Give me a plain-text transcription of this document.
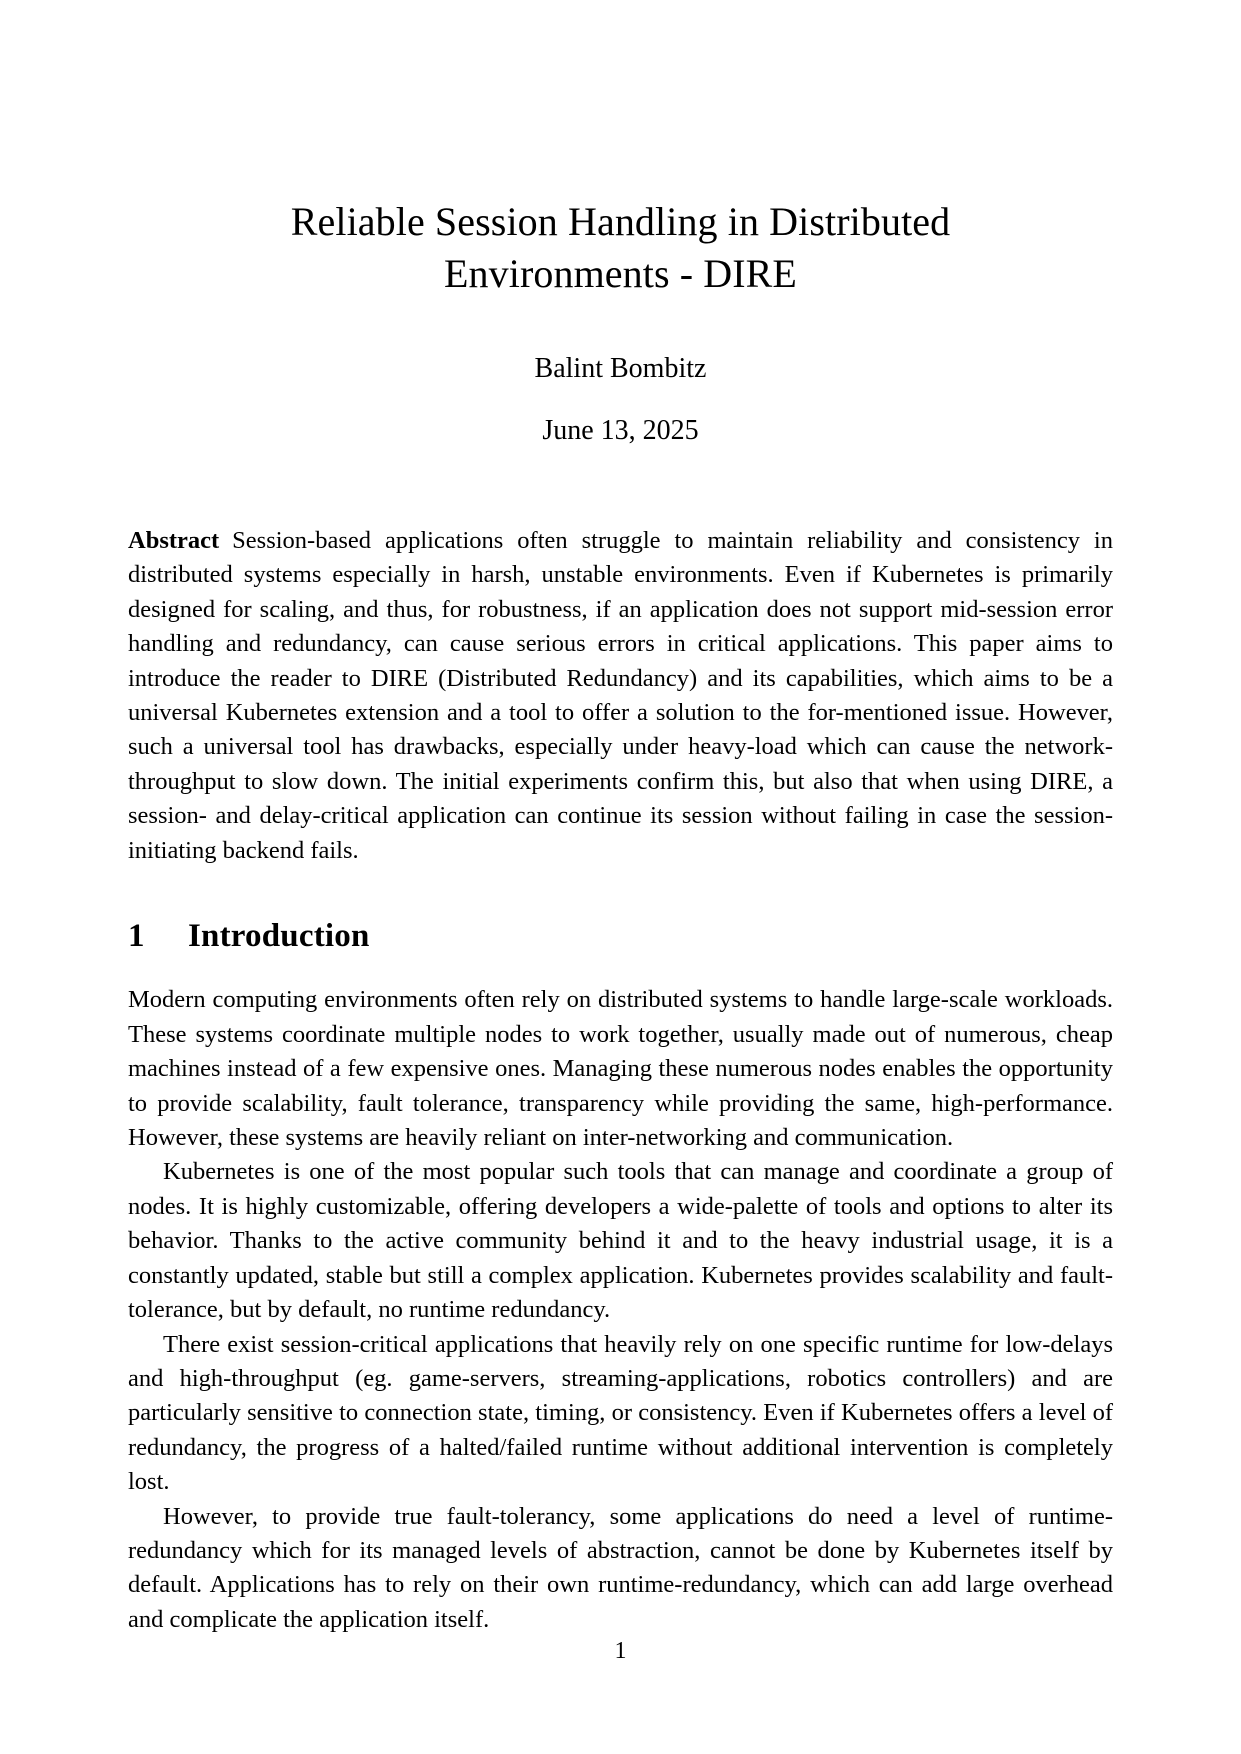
Reliable Session Handling in Distributed Environments - DIRE
Balint Bombitz
June 13, 2025
Abstract Session-based applications often struggle to maintain reliability and consistency in distributed systems especially in harsh, unstable environments. Even if Kubernetes is primarily designed for scaling, and thus, for robustness, if an application does not support mid-session error handling and redundancy, can cause serious errors in critical applications. This paper aims to introduce the reader to DIRE (Distributed Redundancy) and its capabilities, which aims to be a universal Kubernetes extension and a tool to offer a solution to the for-mentioned issue. However, such a universal tool has drawbacks, especially under heavy-load which can cause the network-throughput to slow down. The initial experiments confirm this, but also that when using DIRE, a session- and delay-critical application can continue its session without failing in case the session-initiating backend fails.
1 Introduction

Modern computing environments often rely on distributed systems to handle large-scale workloads. These systems coordinate multiple nodes to work together, usually made out of numerous, cheap machines instead of a few expensive ones. Managing these numerous nodes enables the opportunity to provide scalability, fault tolerance, transparency while providing the same, high-performance. However, these systems are heavily reliant on inter-networking and communication.

Kubernetes is one of the most popular such tools that can manage and coordinate a group of nodes. It is highly customizable, offering developers a wide-palette of tools and options to alter its behavior. Thanks to the active community behind it and to the heavy industrial usage, it is a constantly updated, stable but still a complex application. Kubernetes provides scalability and fault-tolerance, but by default, no runtime redundancy.

There exist session-critical applications that heavily rely on one specific runtime for low-delays and high-throughput (eg. game-servers, streaming-applications, robotics controllers) and are particularly sensitive to connection state, timing, or consistency. Even if Kubernetes offers a level of redundancy, the progress of a halted/failed runtime without additional intervention is completely lost.

However, to provide true fault-tolerancy, some applications do need a level of runtime-redundancy which for its managed levels of abstraction, cannot be done by Kubernetes itself by default. Applications has to rely on their own runtime-redundancy, which can add large overhead and complicate the application itself.

1
